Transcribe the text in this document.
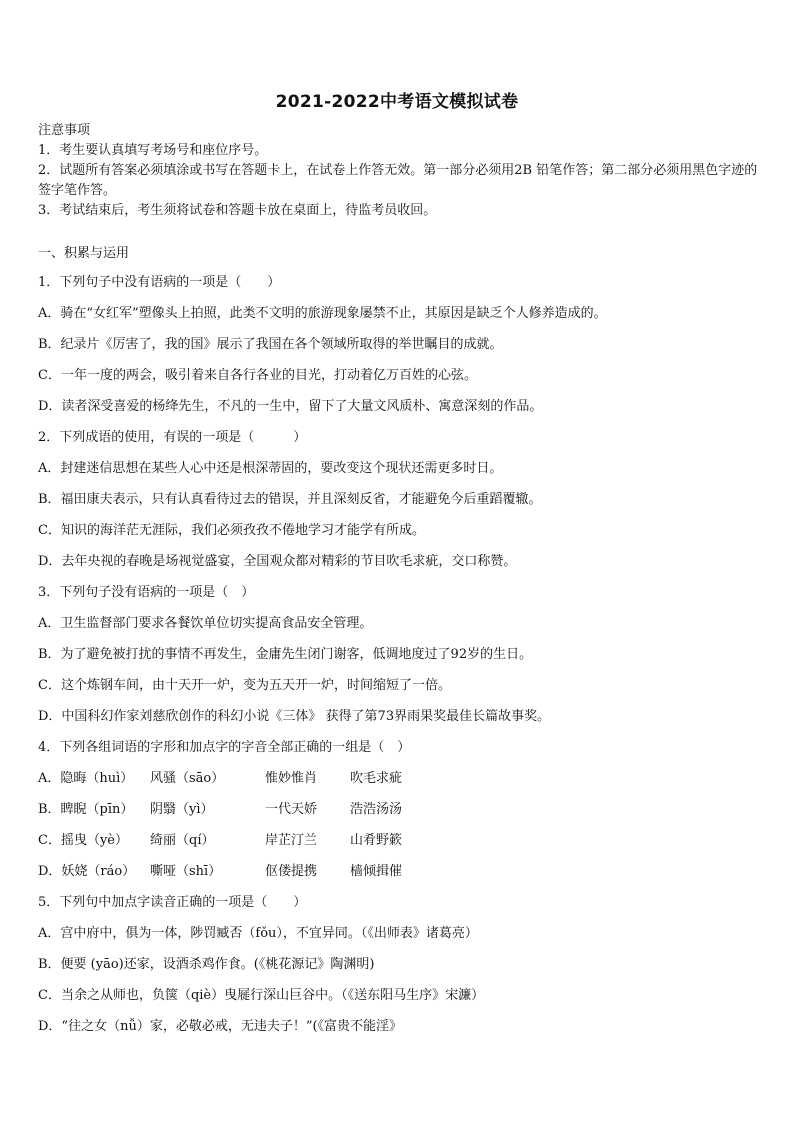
2021-2022中考语文模拟试卷
注意事项
1．考生要认真填写考场号和座位序号。
2．试题所有答案必须填涂或书写在答题卡上，在试卷上作答无效。第一部分必须用2B 铅笔作答；第二部分必须用黑色字迹的签字笔作答。
3．考试结束后，考生须将试卷和答题卡放在桌面上，待监考员收回。
一、积累与运用
1．下列句子中没有语病的一项是（　　）
A．骑在“女红军”塑像头上拍照，此类不文明的旅游现象屡禁不止，其原因是缺乏个人修养造成的。
B．纪录片《厉害了，我的国》展示了我国在各个领域所取得的举世瞩目的成就。
C．一年一度的两会，吸引着来自各行各业的目光，打动着亿万百姓的心弦。
D．读者深受喜爱的杨绛先生，不凡的一生中，留下了大量文风质朴、寓意深刻的作品。
2．下列成语的使用，有误的一项是（　　　）
A．封建迷信思想在某些人心中还是根深蒂固的，要改变这个现状还需更多时日。
B．福田康夫表示，只有认真看待过去的错误，并且深刻反省，才能避免今后重蹈覆辙。
C．知识的海洋茫无涯际，我们必须孜孜不倦地学习才能学有所成。
D．去年央视的春晚是场视觉盛宴，全国观众都对精彩的节目吹毛求疵，交口称赞。
3．下列句子没有语病的一项是（　）
A．卫生监督部门要求各餐饮单位切实提高食品安全管理。
B．为了避免被打扰的事情不再发生，金庸先生闭门谢客，低调地度过了92岁的生日。
C．这个炼钢车间，由十天开一炉，变为五天开一炉，时间缩短了一倍。
D．中国科幻作家刘慈欣创作的科幻小说《三体》 获得了第73界雨果奖最佳长篇故事奖。
4．下列各组词语的字形和加点字的字音全部正确的一组是（　）
A．隐晦（huì） 风骚（sāo）	惟妙惟肖	吹毛求疵
B．睥睨（pīn） 阴翳（yì）	一代天娇	浩浩汤汤
C．摇曳（yè） 绮丽（qí）	岸芷汀兰	山肴野簌
D．妖娆（ráo） 嘶哑（shī）	伛偻提携	樯倾揖催
5．下列句中加点字读音正确的一项是（　　）
A．宫中府中，俱为一体，陟罚臧否（fǒu），不宜异同。（《出师表》诸葛亮）
B．便要 (yāo)还家，设酒杀鸡作食。(《桃花源记》陶渊明)
C．当余之从师也，负箧（qiè）曳屣行深山巨谷中。（《送东阳马生序》宋濂）
D．“往之女（nǚ）家，必敬必戒，无违夫子！”(《富贵不能淫》
